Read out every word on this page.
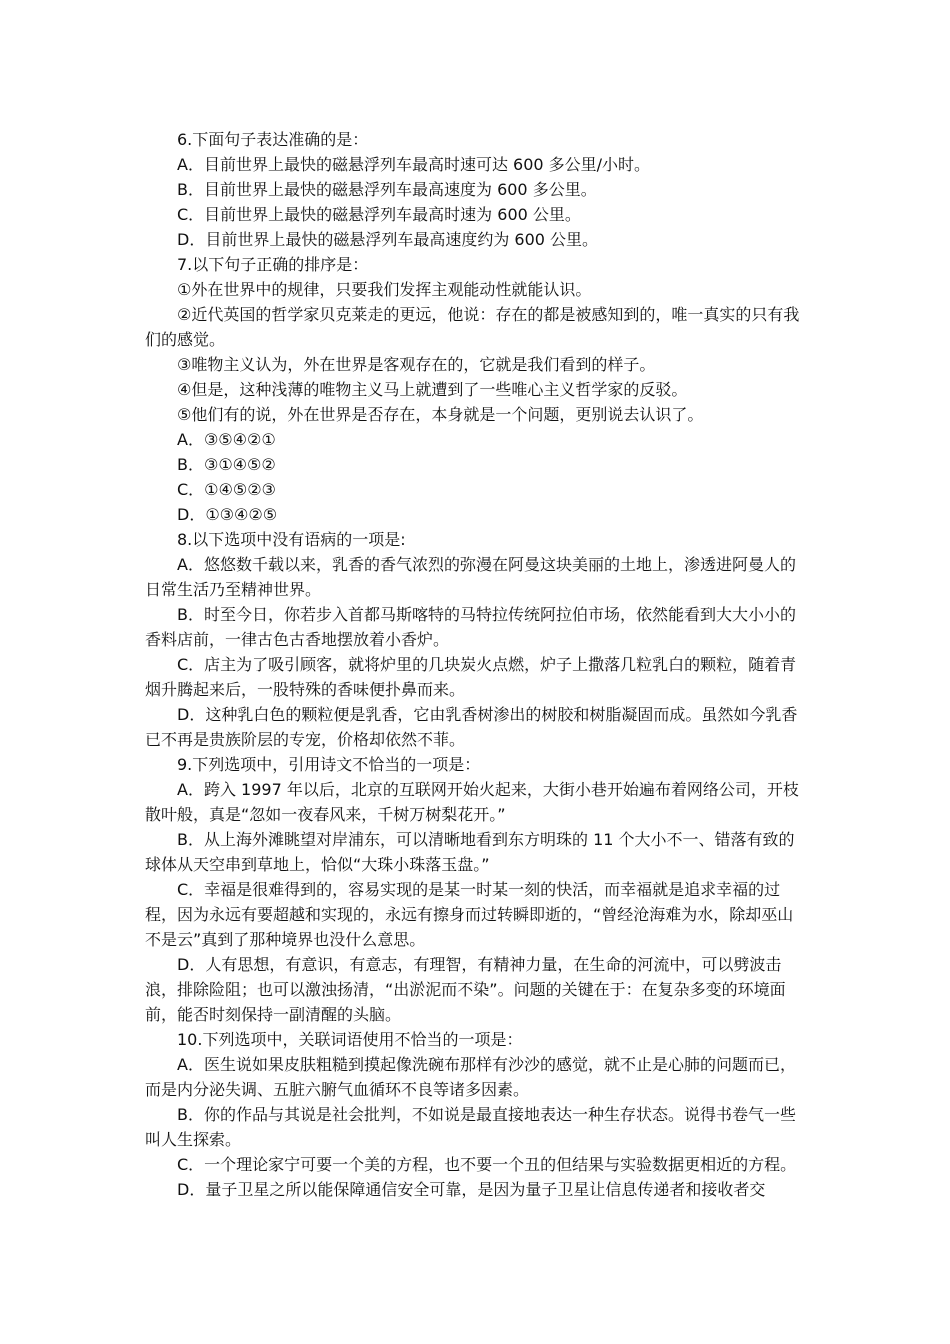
6.下面句子表达准确的是：

A．目前世界上最快的磁悬浮列车最高时速可达 600 多公里/小时。

B．目前世界上最快的磁悬浮列车最高速度为 600 多公里。

C．目前世界上最快的磁悬浮列车最高时速为 600 公里。

D．目前世界上最快的磁悬浮列车最高速度约为 600 公里。

7.以下句子正确的排序是：

①外在世界中的规律，只要我们发挥主观能动性就能认识。

②近代英国的哲学家贝克莱走的更远，他说：存在的都是被感知到的，唯一真实的只有我们的感觉。

③唯物主义认为，外在世界是客观存在的，它就是我们看到的样子。

④但是，这种浅薄的唯物主义马上就遭到了一些唯心主义哲学家的反驳。

⑤他们有的说，外在世界是否存在，本身就是一个问题，更别说去认识了。

A．③⑤④②①

B．③①④⑤②

C．①④⑤②③

D．①③④②⑤

8.以下选项中没有语病的一项是:

A．悠悠数千载以来，乳香的香气浓烈的弥漫在阿曼这块美丽的土地上，渗透进阿曼人的日常生活乃至精神世界。

B．时至今日，你若步入首都马斯喀特的马特拉传统阿拉伯市场，依然能看到大大小小的香料店前，一律古色古香地摆放着小香炉。

C．店主为了吸引顾客，就将炉里的几块炭火点燃，炉子上撒落几粒乳白的颗粒，随着青烟升腾起来后，一股特殊的香味便扑鼻而来。

D．这种乳白色的颗粒便是乳香，它由乳香树渗出的树胶和树脂凝固而成。虽然如今乳香已不再是贵族阶层的专宠，价格却依然不菲。

9.下列选项中，引用诗文不恰当的一项是：

A．跨入 1997 年以后，北京的互联网开始火起来，大街小巷开始遍布着网络公司，开枝散叶般，真是“忽如一夜春风来，千树万树梨花开。”

B．从上海外滩眺望对岸浦东，可以清晰地看到东方明珠的 11 个大小不一、错落有致的球体从天空串到草地上，恰似“大珠小珠落玉盘。”

C．幸福是很难得到的，容易实现的是某一时某一刻的快活，而幸福就是追求幸福的过程，因为永远有要超越和实现的，永远有擦身而过转瞬即逝的，“曾经沧海难为水，除却巫山不是云”真到了那种境界也没什么意思。

D．人有思想，有意识，有意志，有理智，有精神力量，在生命的河流中，可以劈波击浪，排除险阻；也可以激浊扬清，“出淤泥而不染”。问题的关键在于：在复杂多变的环境面前，能否时刻保持一副清醒的头脑。

10.下列选项中，关联词语使用不恰当的一项是：

A．医生说如果皮肤粗糙到摸起像洗碗布那样有沙沙的感觉，就不止是心肺的问题而已，而是内分泌失调、五脏六腑气血循环不良等诸多因素。

B．你的作品与其说是社会批判，不如说是最直接地表达一种生存状态。说得书卷气一些叫人生探索。

C．一个理论家宁可要一个美的方程，也不要一个丑的但结果与实验数据更相近的方程。

D．量子卫星之所以能保障通信安全可靠，是因为量子卫星让信息传递者和接收者交
